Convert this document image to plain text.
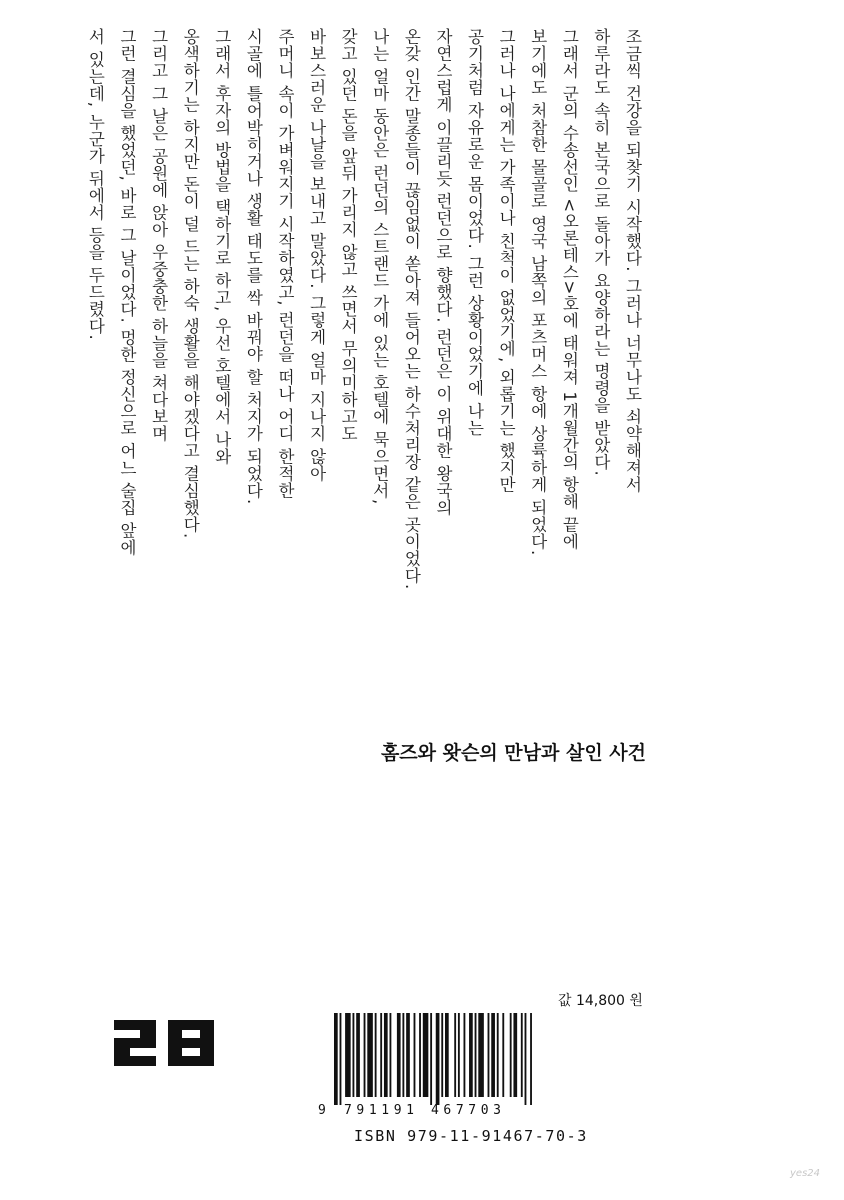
조금씩 건강을 되찾기 시작했다. 그러나 너무나도 쇠약해져서
하루라도 속히 본국으로 돌아가 요양하라는 명령을 받았다.
그래서 군의 수송선인 <오론테스>호에 태워져 1개월간의 항해 끝에
보기에도 처참한 몰골로 영국 남쪽의 포츠머스 항에 상륙하게 되었다.
그러나 나에게는 가족이나 친척이 없었기에, 외롭기는 했지만
공기처럼 자유로운 몸이었다. 그런 상황이었기에 나는
자연스럽게 이끌리듯 런던으로 향했다. 런던은 이 위대한 왕국의
온갖 인간 말종들이 끊임없이 쏟아져 들어오는 하수처리장 같은 곳이었다.
나는 얼마 동안은 런던의 스트랜드 가에 있는 호텔에 묵으면서,
갖고 있던 돈을 앞뒤 가리지 않고 쓰면서 무의미하고도
바보스러운 나날을 보내고 말았다. 그렇게 얼마 지나지 않아
주머니 속이 가벼워지기 시작하였고, 런던을 떠나 어디 한적한
시골에 틀어박히거나 생활 태도를 싹 바꿔야 할 처지가 되었다.
그래서 후자의 방법을 택하기로 하고, 우선 호텔에서 나와
옹색하기는 하지만 돈이 덜 드는 하숙 생활을 해야겠다고 결심했다.
그리고 그 날은 공원에 앉아 우중충한 하늘을 쳐다보며
그런 결심을 했었던, 바로 그 날이었다. 멍한 정신으로 어느 술집 앞에
서 있는데, 누군가 뒤에서 등을 두드렸다.
홈즈와 왓슨의 만남과 살인 사건
값 14,800 원
9 791191 467703
ISBN 979-11-91467-70-3
yes24
